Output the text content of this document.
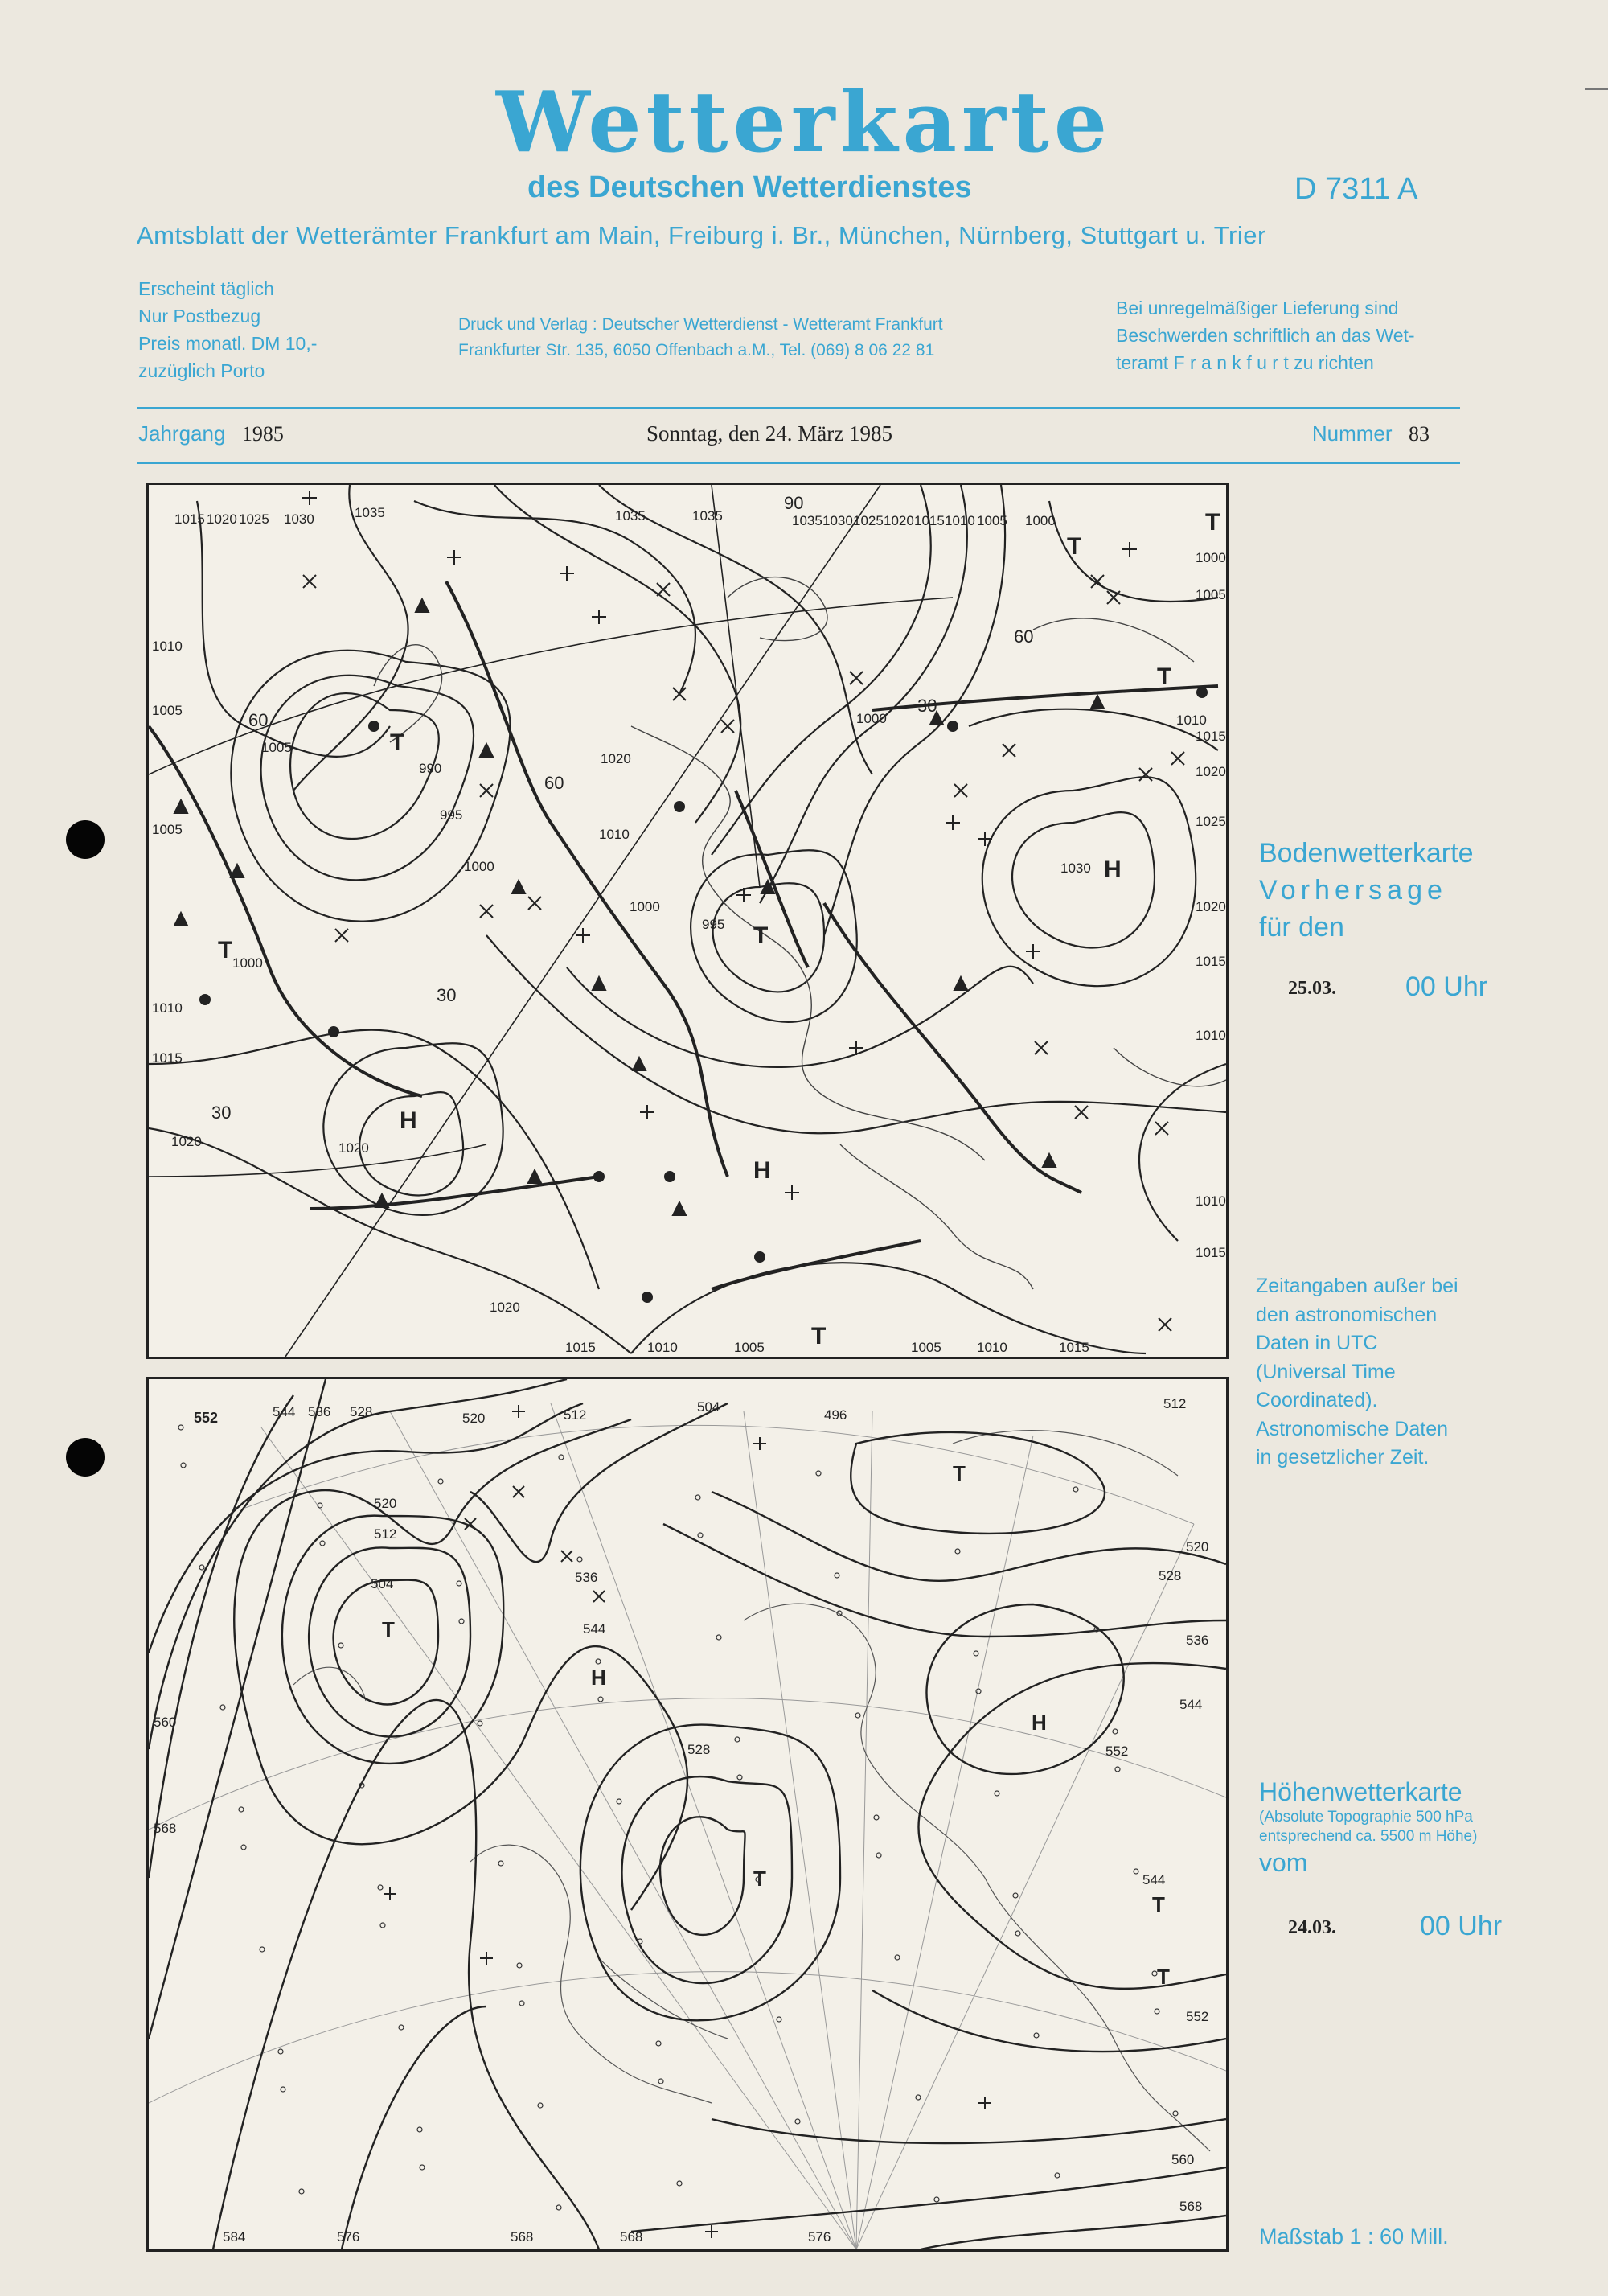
Wetterkarte
des Deutschen Wetterdienstes	D 7311 A
Amtsblatt der Wetterämter Frankfurt am Main, Freiburg i. Br., München, Nürnberg, Stuttgart u. Trier
Erscheint täglich
Nur Postbezug
Preis monatl. DM 10,-
zuzüglich Porto
Druck und Verlag : Deutscher Wetterdienst - Wetteramt Frankfurt
Frankfurter Str. 135, 6050 Offenbach a.M., Tel. (069) 8 06 22 81
Bei unregelmäßiger Lieferung sind
Beschwerden schriftlich an das Wet-
teramt F r a n k f u r t zu richten
Jahrgang 1985	Sonntag, den 24. März 1985	Nummer 83
1015 1020 1025 1030	1035	1035	1035	1035 1030 1025 1020 1015 1010 1005 1000
1015	1010	1005	1005	1010	1015
1000
1005
1010
1015
1020
1025
1020
1015
1010
1010
1015
1010
1005
1005
1010
1015
1020
990
995
1000
1005
1010
1020
1000
995
1000
1030
1000
1020
1020
T
T
T
T
T
T
T
H
H
H
60
60
30
30
60
30
90
Bodenwetterkarte
Vorhersage
für den
25.03.	00 Uhr
Zeitangaben außer bei
den astronomischen
Daten in UTC
(Universal Time
Coordinated).
Astronomische Daten
in gesetzlicher Zeit.
552	544 536 528	520	512
504
496
512
520
528
536
544
552
560
568
560
568
584	576	568	568	576
520
512
504	536
544
528	552
544
T
T
T
T
T
H
H
Höhenwetterkarte
(Absolute Topographie 500 hPa
entsprechend ca. 5500 m Höhe)
vom
24.03.	00 Uhr
Maßstab 1 : 60 Mill.
